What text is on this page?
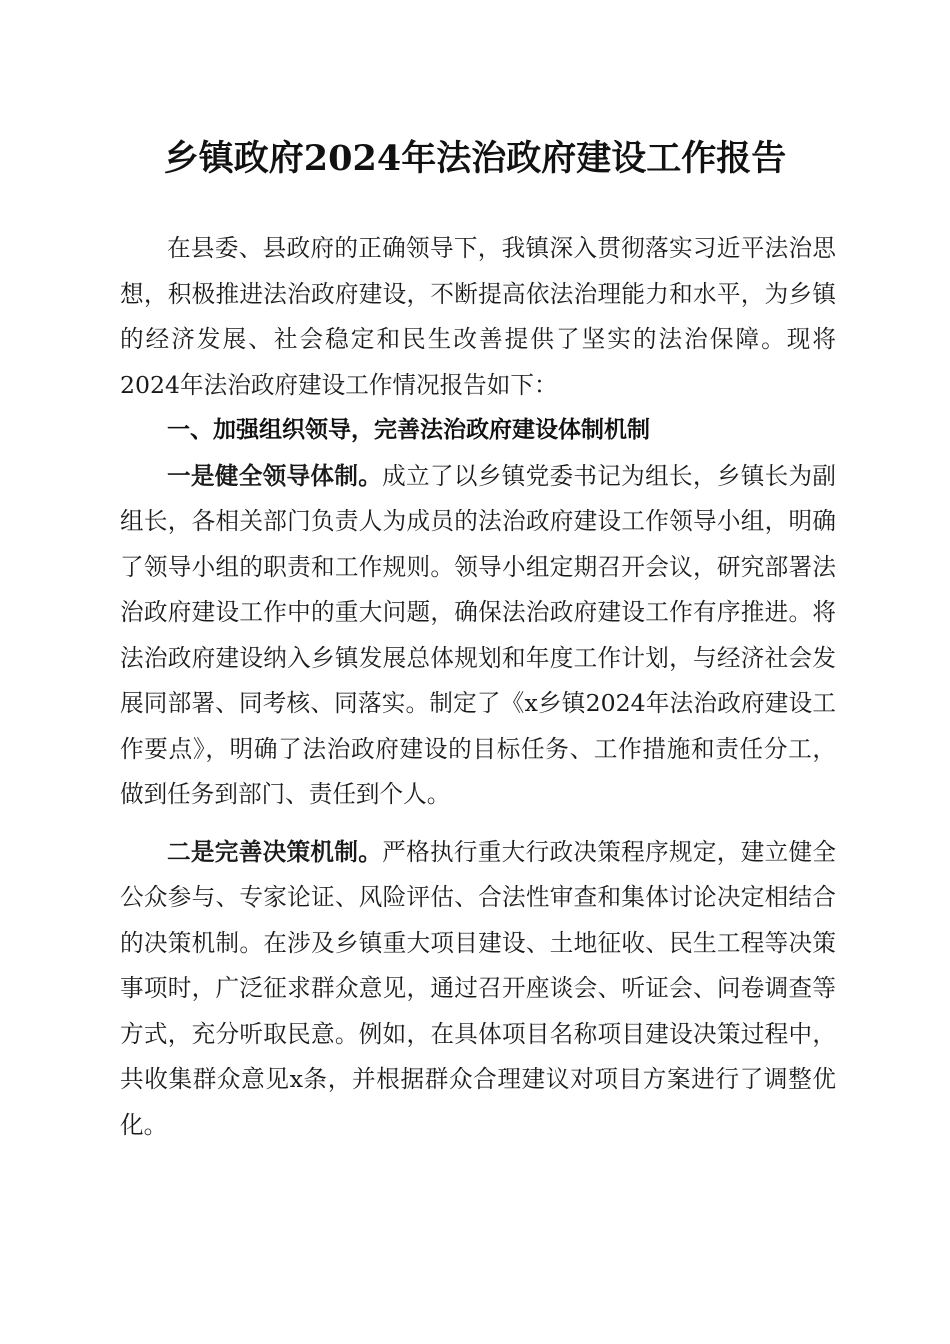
乡镇政府2024年法治政府建设工作报告

在县委、县政府的正确领导下，我镇深入贯彻落实习近平法治思想，积极推进法治政府建设，不断提高依法治理能力和水平，为乡镇的经济发展、社会稳定和民生改善提供了坚实的法治保障。现将2024年法治政府建设工作情况报告如下：

一、加强组织领导，完善法治政府建设体制机制

一是健全领导体制。成立了以乡镇党委书记为组长，乡镇长为副组长，各相关部门负责人为成员的法治政府建设工作领导小组，明确了领导小组的职责和工作规则。领导小组定期召开会议，研究部署法治政府建设工作中的重大问题，确保法治政府建设工作有序推进。将法治政府建设纳入乡镇发展总体规划和年度工作计划，与经济社会发展同部署、同考核、同落实。制定了《x乡镇2024年法治政府建设工作要点》，明确了法治政府建设的目标任务、工作措施和责任分工，做到任务到部门、责任到个人。

二是完善决策机制。严格执行重大行政决策程序规定，建立健全公众参与、专家论证、风险评估、合法性审查和集体讨论决定相结合的决策机制。在涉及乡镇重大项目建设、土地征收、民生工程等决策事项时，广泛征求群众意见，通过召开座谈会、听证会、问卷调查等方式，充分听取民意。例如，在具体项目名称项目建设决策过程中，共收集群众意见x条，并根据群众合理建议对项目方案进行了调整优化。
